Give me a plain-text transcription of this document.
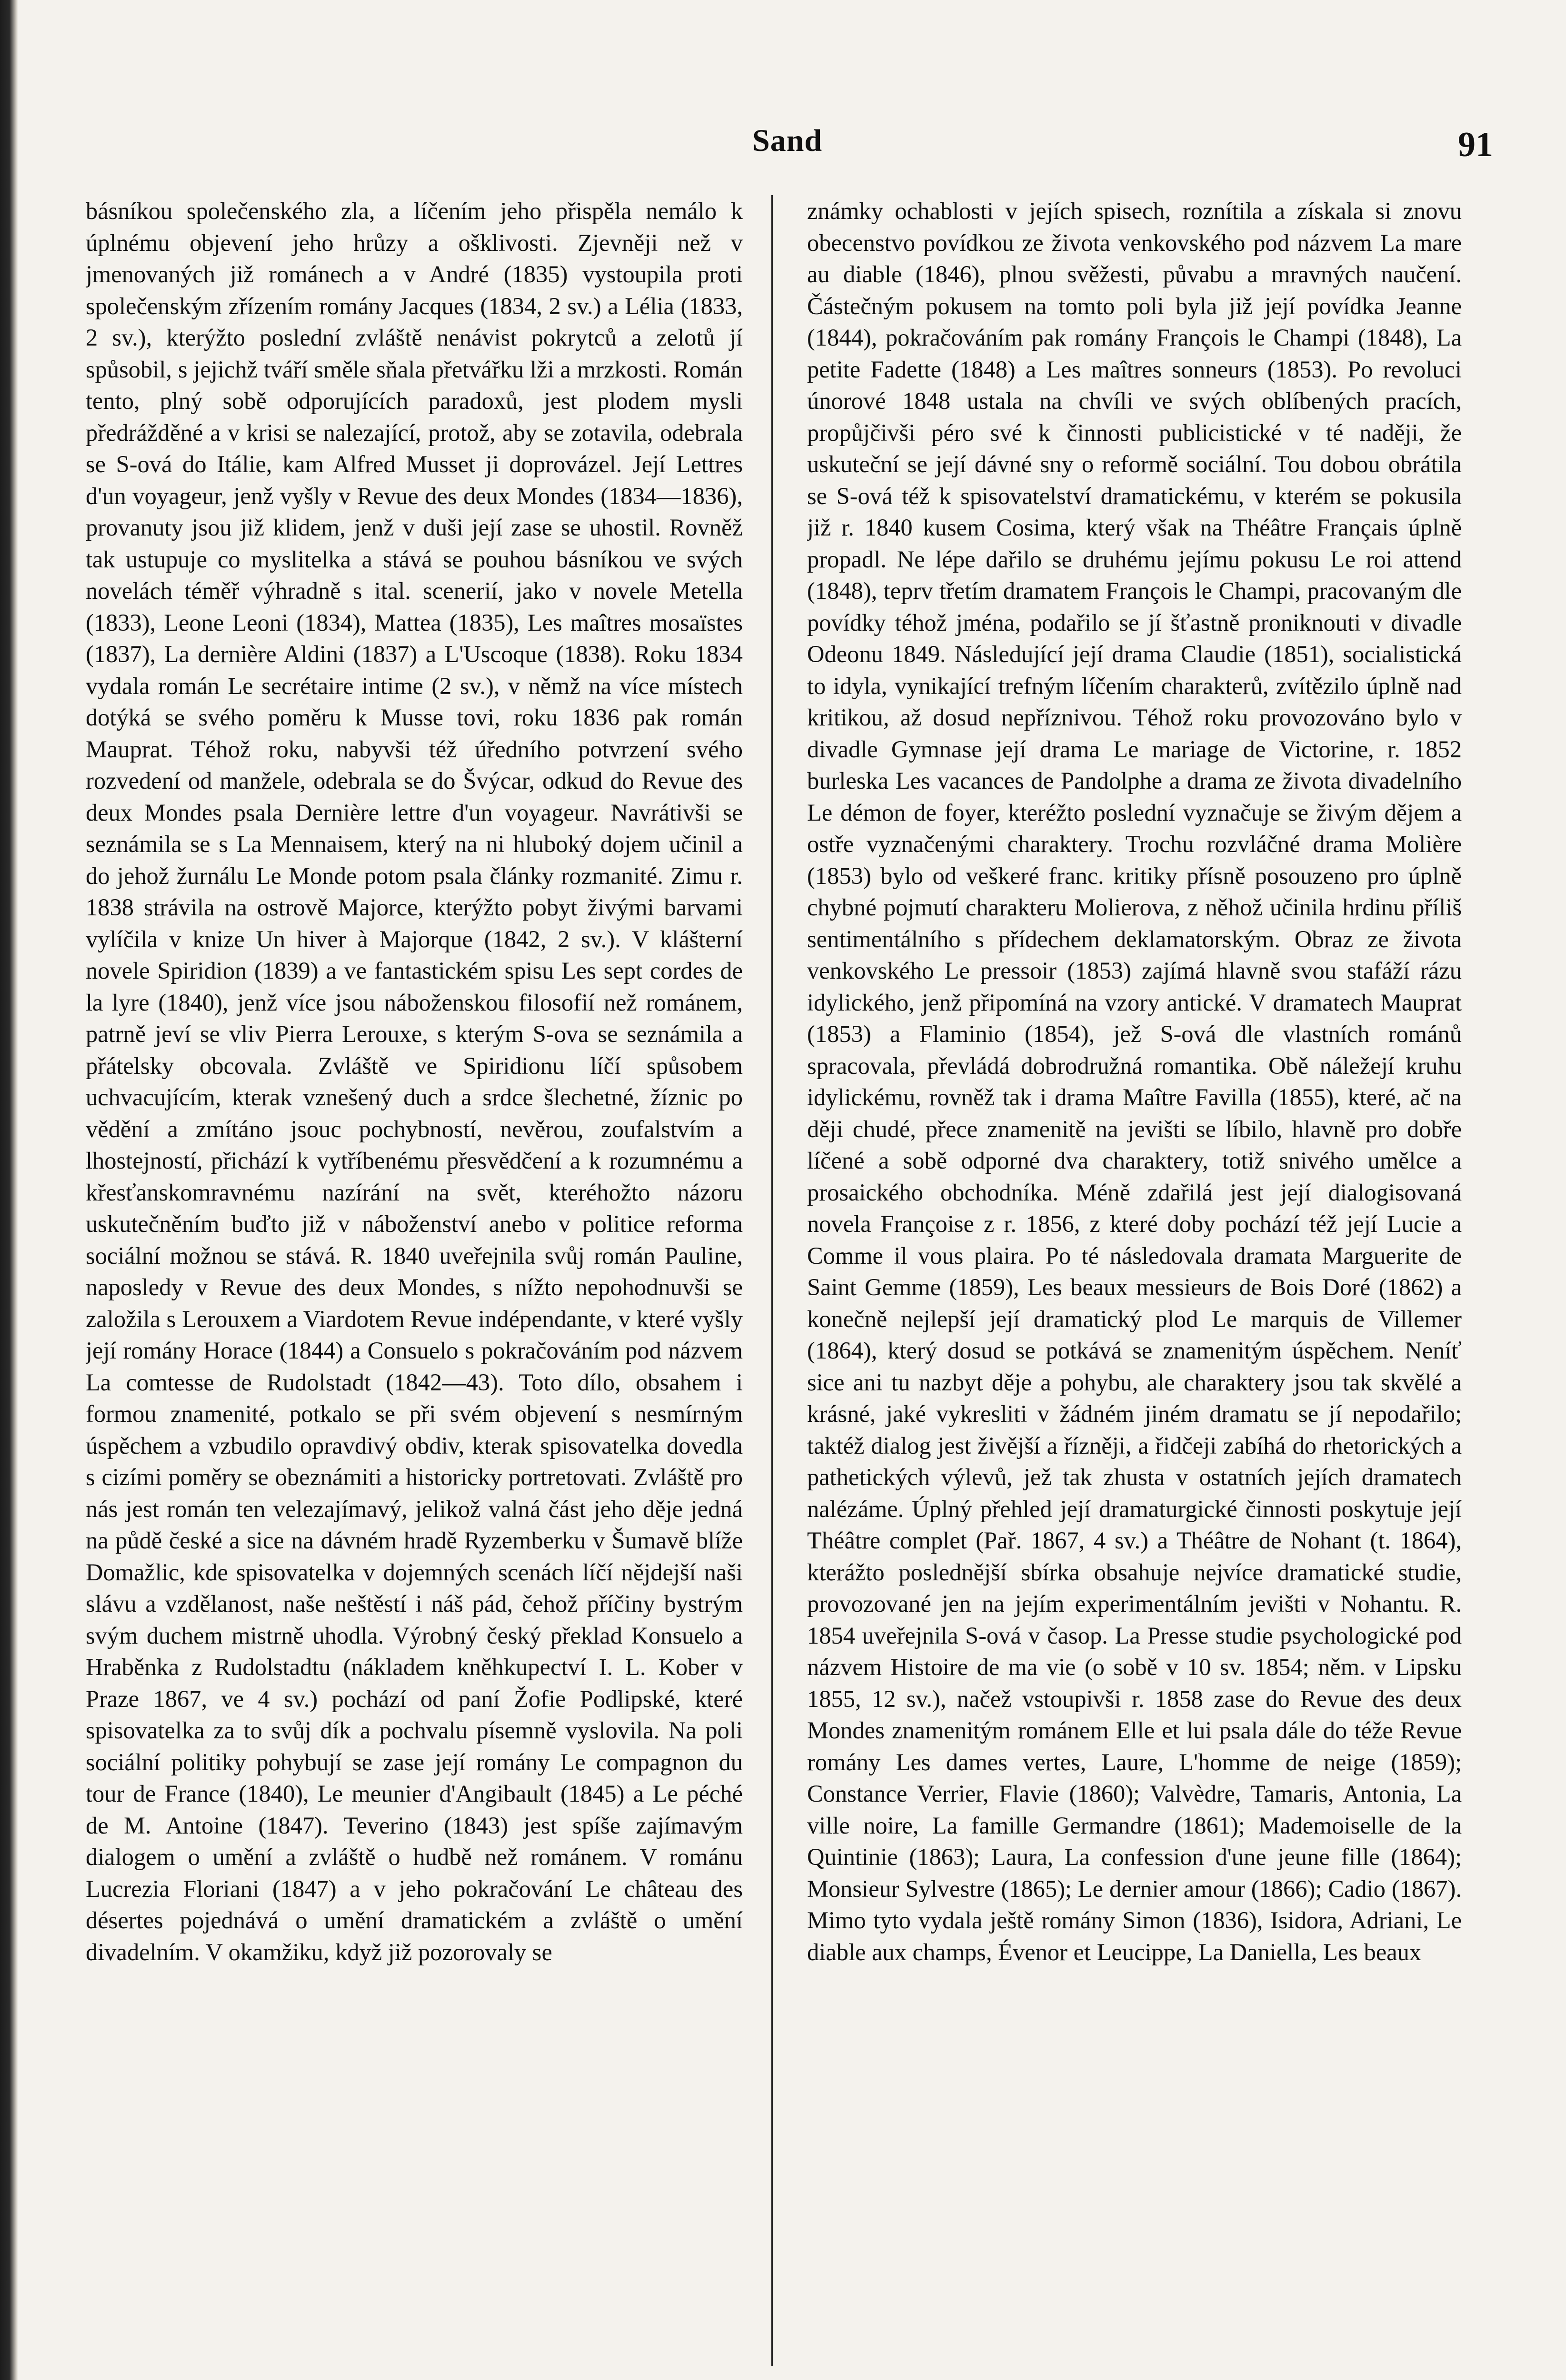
Sand	91

básníkou společenského zla, a líčením jeho přispěla nemálo k úplnému objevení jeho hrůzy a ošklivosti. Zjevněji než v jmenovaných již románech a v André (1835) vystoupila proti společenským zřízením romány Jacques (1834, 2 sv.) a Lélia (1833, 2 sv.), kterýžto poslední zvláště nenávist pokrytců a zelotů jí spůsobil, s jejichž tváří směle sňala přetvářku lži a mrzkosti. Román tento, plný sobě odporujících paradoxů, jest plodem mysli předrážděné a v krisi se nalezající, protož, aby se zotavila, odebrala se S-ová do Itálie, kam Alfred Musset ji doprovázel. Její Lettres d'un voyageur, jenž vyšly v Revue des deux Mondes (1834—1836), provanuty jsou již klidem, jenž v duši její zase se uhostil. Rovněž tak ustupuje co myslitelka a stává se pouhou básníkou ve svých novelách téměř výhradně s ital. scenerií, jako v novele Metella (1833), Leone Leoni (1834), Mattea (1835), Les maîtres mosaïstes (1837), La dernière Aldini (1837) a L'Uscoque (1838). Roku 1834 vydala román Le secrétaire intime (2 sv.), v němž na více místech dotýká se svého poměru k Musse tovi, roku 1836 pak román Mauprat. Téhož roku, nabyvši též úředního potvrzení svého rozvedení od manžele, odebrala se do Švýcar, odkud do Revue des deux Mondes psala Dernière lettre d'un voyageur. Navrátivši se seznámila se s La Mennaisem, který na ni hluboký dojem učinil a do jehož žurnálu Le Monde potom psala články rozmanité. Zimu r. 1838 strávila na ostrově Majorce, kterýžto pobyt živými barvami vylíčila v knize Un hiver à Majorque (1842, 2 sv.). V klášterní novele Spiridion (1839) a ve fantastickém spisu Les sept cordes de la lyre (1840), jenž více jsou náboženskou filosofií než románem, patrně jeví se vliv Pierra Lerouxe, s kterým S-ova se seznámila a přátelsky obcovala. Zvláště ve Spiridionu líčí spůsobem uchvacujícím, kterak vznešený duch a srdce šlechetné, žíznic po vědění a zmítáno jsouc pochybností, nevěrou, zoufalstvím a lhostejností, přichází k vytříbenému přesvědčení a k rozumnému a křesťanskomravnému nazírání na svět, kteréhožto názoru uskutečněním buďto již v náboženství anebo v politice reforma sociální možnou se stává. R. 1840 uveřejnila svůj román Pauline, naposledy v Revue des deux Mondes, s nížto nepohodnuvši se založila s Lerouxem a Viardotem Revue indépendante, v které vyšly její romány Horace (1844) a Consuelo s pokračováním pod názvem La comtesse de Rudolstadt (1842—43). Toto dílo, obsahem i formou znamenité, potkalo se při svém objevení s nesmírným úspěchem a vzbudilo opravdivý obdiv, kterak spisovatelka dovedla s cizími poměry se obeznámiti a historicky portretovati. Zvláště pro nás jest román ten velezajímavý, jelikož valná část jeho děje jedná na půdě české a sice na dávném hradě Ryzemberku v Šumavě blíže Domažlic, kde spisovatelka v dojemných scenách líčí nějdejší naši slávu a vzdělanost, naše neštěstí i náš pád, čehož příčiny bystrým svým duchem mistrně uhodla. Výrobný český překlad Konsuelo a Hraběnka z Rudolstadtu (nákladem kněhkupectví I. L. Kober v Praze 1867, ve 4 sv.) pochází od paní Žofie Podlipské, které spisovatelka za to svůj dík a pochvalu písemně vyslovila. Na poli sociální politiky pohybují se zase její romány Le compagnon du tour de France (1840), Le meunier d'Angibault (1845) a Le péché de M. Antoine (1847). Teverino (1843) jest spíše zajímavým dialogem o umění a zvláště o hudbě než románem. V románu Lucrezia Floriani (1847) a v jeho pokračování Le château des désertes pojednává o umění dramatickém a zvláště o umění divadelním. V okamžiku, když již pozorovaly se

známky ochablosti v jejích spisech, roznítila a získala si znovu obecenstvo povídkou ze života venkovského pod názvem La mare au diable (1846), plnou svěžesti, půvabu a mravných naučení. Částečným pokusem na tomto poli byla již její povídka Jeanne (1844), pokračováním pak romány François le Champi (1848), La petite Fadette (1848) a Les maîtres sonneurs (1853). Po revoluci únorové 1848 ustala na chvíli ve svých oblíbených pracích, propůjčivši péro své k činnosti publicistické v té naději, že uskuteční se její dávné sny o reformě sociální. Tou dobou obrátila se S-ová též k spisovatelství dramatickému, v kterém se pokusila již r. 1840 kusem Cosima, který však na Théâtre Français úplně propadl. Ne lépe dařilo se druhému jejímu pokusu Le roi attend (1848), teprv třetím dramatem François le Champi, pracovaným dle povídky téhož jména, podařilo se jí šťastně proniknouti v divadle Odeonu 1849. Následující její drama Claudie (1851), socialistická to idyla, vynikající trefným líčením charakterů, zvítězilo úplně nad kritikou, až dosud nepříznivou. Téhož roku provozováno bylo v divadle Gymnase její drama Le mariage de Victorine, r. 1852 burleska Les vacances de Pandolphe a drama ze života divadelního Le démon de foyer, kteréžto poslední vyznačuje se živým dějem a ostře vyznačenými charaktery. Trochu rozvláčné drama Molière (1853) bylo od veškeré franc. kritiky přísně posouzeno pro úplně chybné pojmutí charakteru Molierova, z něhož učinila hrdinu příliš sentimentálního s přídechem deklamatorským. Obraz ze života venkovského Le pressoir (1853) zajímá hlavně svou stafáží rázu idylického, jenž připomíná na vzory antické. V dramatech Mauprat (1853) a Flaminio (1854), jež S-ová dle vlastních románů spracovala, převládá dobrodružná romantika. Obě náležejí kruhu idylickému, rovněž tak i drama Maître Favilla (1855), které, ač na ději chudé, přece znamenitě na jevišti se líbilo, hlavně pro dobře líčené a sobě odporné dva charaktery, totiž snivého umělce a prosaického obchodníka. Méně zdařilá jest její dialogisovaná novela Françoise z r. 1856, z které doby pochází též její Lucie a Comme il vous plaira. Po té následovala dramata Marguerite de Saint Gemme (1859), Les beaux messieurs de Bois Doré (1862) a konečně nejlepší její dramatický plod Le marquis de Villemer (1864), který dosud se potkává se znamenitým úspěchem. Neníť sice ani tu nazbyt děje a pohybu, ale charaktery jsou tak skvělé a krásné, jaké vykresliti v žádném jiném dramatu se jí nepodařilo; taktéž dialog jest živější a řízněji, a řidčeji zabíhá do rhetorických a pathetických výlevů, jež tak zhusta v ostatních jejích dramatech nalézáme. Úplný přehled její dramaturgické činnosti poskytuje její Théâtre complet (Pař. 1867, 4 sv.) a Théâtre de Nohant (t. 1864), kterážto poslednější sbírka obsahuje nejvíce dramatické studie, provozované jen na jejím experimentálním jevišti v Nohantu. R. 1854 uveřejnila S-ová v časop. La Presse studie psychologické pod názvem Histoire de ma vie (o sobě v 10 sv. 1854; něm. v Lipsku 1855, 12 sv.), načež vstoupivši r. 1858 zase do Revue des deux Mondes znamenitým románem Elle et lui psala dále do téže Revue romány Les dames vertes, Laure, L'homme de neige (1859); Constance Verrier, Flavie (1860); Valvèdre, Tamaris, Antonia, La ville noire, La famille Germandre (1861); Mademoiselle de la Quintinie (1863); Laura, La confession d'une jeune fille (1864); Monsieur Sylvestre (1865); Le dernier amour (1866); Cadio (1867). Mimo tyto vydala ještě romány Simon (1836), Isidora, Adriani, Le diable aux champs, Évenor et Leucippe, La Daniella, Les beaux
